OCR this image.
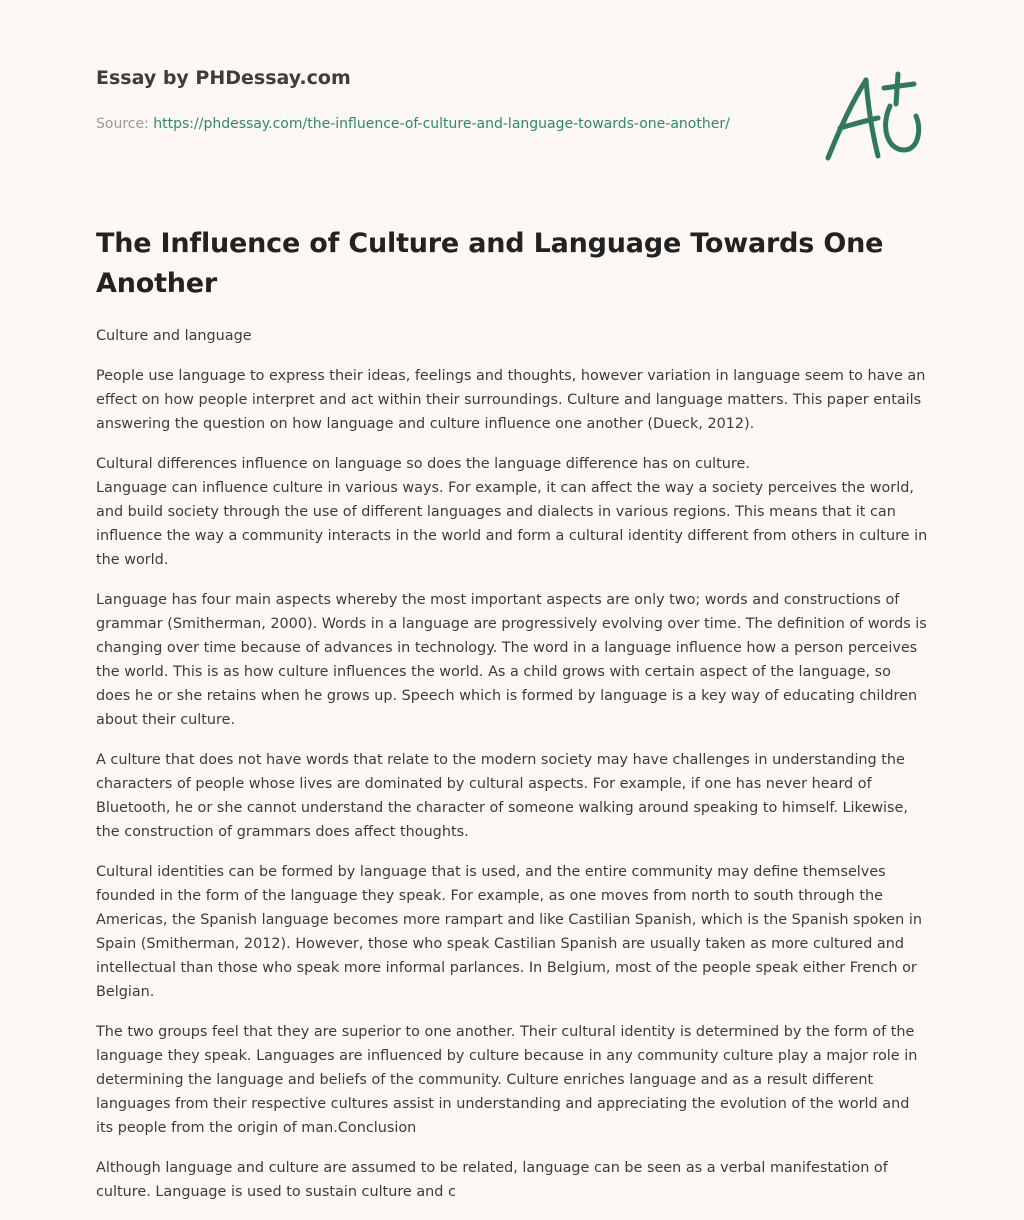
Essay by PHDessay.com
Source: https://phdessay.com/the-influence-of-culture-and-language-towards-one-another/
The Influence of Culture and Language Towards One Another

Culture and language

People use language to express their ideas, feelings and thoughts, however variation in language seem to have an effect on how people interpret and act within their surroundings. Culture and language matters. This paper entails answering the question on how language and culture influence one another (Dueck, 2012).

Cultural differences influence on language so does the language difference has on culture.
Language can influence culture in various ways. For example, it can affect the way a society perceives the world, and build society through the use of different languages and dialects in various regions. This means that it can influence the way a community interacts in the world and form a cultural identity different from others in culture in the world.

Language has four main aspects whereby the most important aspects are only two; words and constructions of grammar (Smitherman, 2000). Words in a language are progressively evolving over time. The definition of words is changing over time because of advances in technology. The word in a language influence how a person perceives the world. This is as how culture influences the world. As a child grows with certain aspect of the language, so does he or she retains when he grows up. Speech which is formed by language is a key way of educating children about their culture.

A culture that does not have words that relate to the modern society may have challenges in understanding the characters of people whose lives are dominated by cultural aspects. For example, if one has never heard of Bluetooth, he or she cannot understand the character of someone walking around speaking to himself. Likewise, the construction of grammars does affect thoughts.

Cultural identities can be formed by language that is used, and the entire community may define themselves founded in the form of the language they speak. For example, as one moves from north to south through the Americas, the Spanish language becomes more rampart and like Castilian Spanish, which is the Spanish spoken in Spain (Smitherman, 2012). However, those who speak Castilian Spanish are usually taken as more cultured and intellectual than those who speak more informal parlances. In Belgium, most of the people speak either French or Belgian.

The two groups feel that they are superior to one another. Their cultural identity is determined by the form of the language they speak. Languages are influenced by culture because in any community culture play a major role in determining the language and beliefs of the community. Culture enriches language and as a result different languages from their respective cultures assist in understanding and appreciating the evolution of the world and its people from the origin of man.Conclusion

Although language and culture are assumed to be related, language can be seen as a verbal manifestation of culture. Language is used to sustain culture and c
